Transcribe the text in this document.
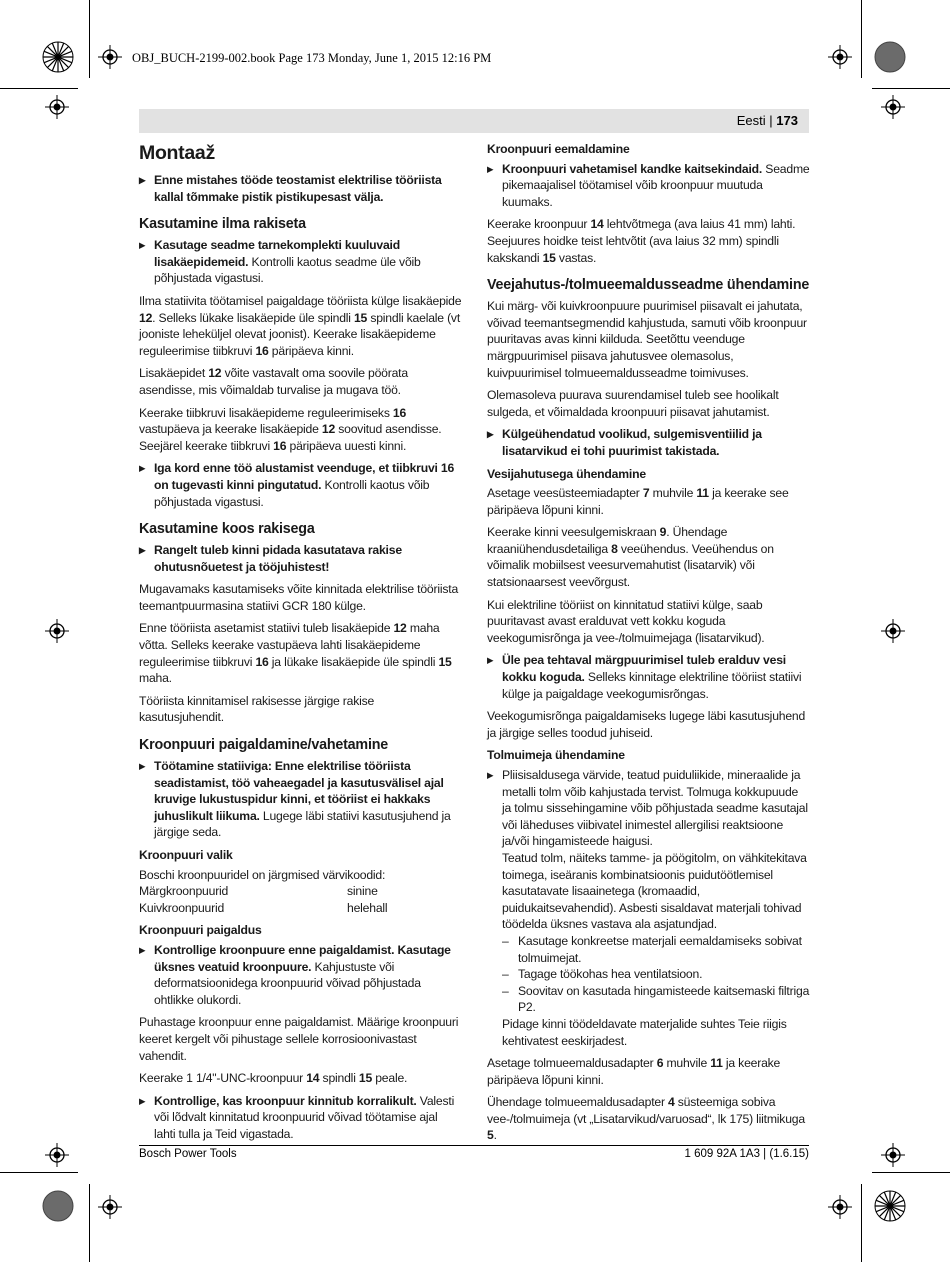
OBJ_BUCH-2199-002.book Page 173 Monday, June 1, 2015 12:16 PM
Eesti | 173
Montaaž
▶ Enne mistahes tööde teostamist elektrilise tööriista kallal tõmmake pistik pistikupesast välja.
Kasutamine ilma rakiseta
▶ Kasutage seadme tarnekomplekti kuuluvaid lisakäepidemeid. Kontrolli kaotus seadme üle võib põhjustada vigastusi.

Ilma statiivita töötamisel paigaldage tööriista külge lisakäepide 12. Selleks lükake lisakäepide üle spindli 15 spindli kaelale (vt jooniste leheküljel olevat joonist). Keerake lisakäepideme reguleerimise tiibkruvi 16 päripäeva kinni.

Lisakäepidet 12 võite vastavalt oma soovile pöörata asendisse, mis võimaldab turvalise ja mugava töö.

Keerake tiibkruvi lisakäepideme reguleerimiseks 16 vastupäeva ja keerake lisakäepide 12 soovitud asendisse. Seejärel keerake tiibkruvi 16 päripäeva uuesti kinni.

▶ Iga kord enne töö alustamist veenduge, et tiibkruvi 16 on tugevasti kinni pingutatud. Kontrolli kaotus võib põhjustada vigastusi.
Kasutamine koos rakisega
▶ Rangelt tuleb kinni pidada kasutatava rakise ohutusnõuetest ja tööjuhistest!

Mugavamaks kasutamiseks võite kinnitada elektrilise tööriista teemantpuurmasina statiivi GCR 180 külge.

Enne tööriista asetamist statiivi tuleb lisakäepide 12 maha võtta. Selleks keerake vastupäeva lahti lisakäepideme reguleerimise tiibkruvi 16 ja lükake lisakäepide üle spindli 15 maha.

Tööriista kinnitamisel rakisesse järgige rakise kasutusjuhendit.

Kroonpuuri paigaldamine/vahetamine
▶ Töötamine statiiviga: Enne elektrilise tööriista seadistamist, töö vaheaegadel ja kasutusvälisel ajal kruvige lukustuspidur kinni, et tööriist ei hakkaks juhuslikult liikuma. Lugege läbi statiivi kasutusjuhend ja järgige seda.
Kroonpuuri valik
Boschi kroonpuuridel on järgmised värvikoodid:
Märgkroonpuurid	sinine
Kuivkroonpuurid	helehall
Kroonpuuri paigaldus
▶ Kontrollige kroonpuure enne paigaldamist. Kasutage üksnes veatuid kroonpuure. Kahjustuste või deformatsioonidega kroonpuurid võivad põhjustada ohtlikke olukordi.

Puhastage kroonpuur enne paigaldamist. Määrige kroonpuuri keeret kergelt või pihustage sellele korrosioonivastast vahendit.

Keerake 1 1/4"-UNC-kroonpuur 14 spindli 15 peale.

▶ Kontrollige, kas kroonpuur kinnitub korralikult. Valesti või lõdvalt kinnitatud kroonpuurid võivad töötamise ajal lahti tulla ja Teid vigastada.
Kroonpuuri eemaldamine
▶ Kroonpuuri vahetamisel kandke kaitsekindaid. Seadme pikemaajalisel töötamisel võib kroonpuur muutuda kuumaks.

Keerake kroonpuur 14 lehtvõtmega (ava laius 41 mm) lahti. Seejuures hoidke teist lehtvõtit (ava laius 32 mm) spindli kakskandi 15 vastas.

Veejahutus-/tolmueemaldusseadme ühendamine

Kui märg- või kuivkroonpuure puurimisel piisavalt ei jahutata, võivad teemantsegmendid kahjustuda, samuti võib kroonpuur puuritavas avas kinni kiilduda. Seetõttu veenduge märgpuurimisel piisava jahutusvee olemasolus, kuivpuurimisel tolmueemaldusseadme toimivuses.

Olemasoleva puurava suurendamisel tuleb see hoolikalt sulgeda, et võimaldada kroonpuuri piisavat jahutamist.

▶ Külgeühendatud voolikud, sulgemisventiilid ja lisatarvikud ei tohi puurimist takistada.
Vesijahutusega ühendamine

Asetage veesüsteemiadapter 7 muhvile 11 ja keerake see päripäeva lõpuni kinni.

Keerake kinni veesulgemiskraan 9. Ühendage kraaniühendusdetailiga 8 veeühendus. Veeühendus on võimalik mobiilsest veesurvemahutist (lisatarvik) või statsionaarsest veevõrgust.

Kui elektriline tööriist on kinnitatud statiivi külge, saab puuritavast avast eralduvat vett kokku koguda veekogumisrõnga ja vee-/tolmuimejaga (lisatarvikud).

▶ Üle pea tehtaval märgpuurimisel tuleb eralduv vesi kokku koguda. Selleks kinnitage elektriline tööriist statiivi külge ja paigaldage veekogumisrõngas.

Veekogumisrõnga paigaldamiseks lugege läbi kasutusjuhend ja järgige selles toodud juhiseid.

Tolmuimeja ühendamine
▶ Pliisisaldusega värvide, teatud puiduliikide, mineraalide ja metalli tolm võib kahjustada tervist. Tolmuga kokkupuude ja tolmu sissehingamine võib põhjustada seadme kasutajal või läheduses viibivatel inimestel allergilisi reaktsioone ja/või hingamisteede haigusi.
Teatud tolm, näiteks tamme- ja pöögitolm, on vähkitekitava toimega, iseäranis kombinatsioonis puidutöötlemisel kasutatavate lisaainetega (kromaadid, puidukaitsevahendid). Asbesti sisaldavat materjali tohivad töödelda üksnes vastava ala asjatundjad.
– Kasutage konkreetse materjali eemaldamiseks sobivat tolmuimejat.
– Tagage töökohas hea ventilatsioon.
– Soovitav on kasutada hingamisteede kaitsemaski filtriga P2.

Pidage kinni töödeldavate materjalide suhtes Teie riigis kehtivatest eeskirjadest.

Asetage tolmueemaldusadapter 6 muhvile 11 ja keerake päripäeva lõpuni kinni.

Ühendage tolmueemaldusadapter 4 süsteemiga sobiva vee-/tolmuimeja (vt „Lisatarvikud/varuosad“, lk 175) liitmikuga 5.

Bosch Power Tools	1 609 92A 1A3 | (1.6.15)
